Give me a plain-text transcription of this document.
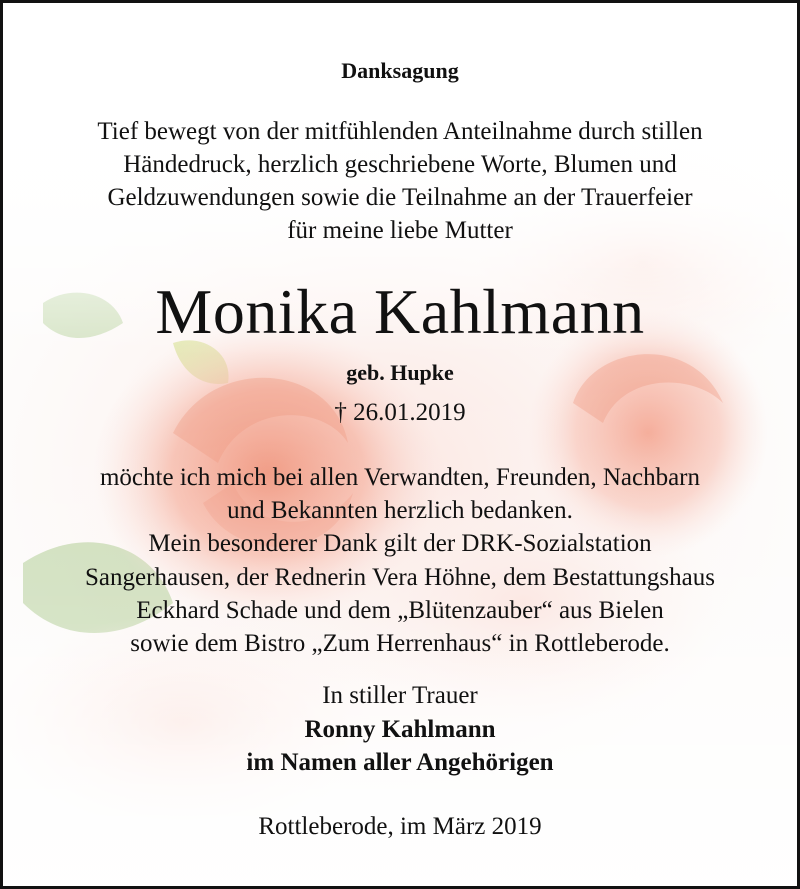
Danksagung
Tief bewegt von der mitfühlenden Anteilnahme durch stillen
Händedruck, herzlich geschriebene Worte, Blumen und
Geldzuwendungen sowie die Teilnahme an der Trauerfeier
für meine liebe Mutter
Monika Kahlmann
geb. Hupke
† 26.01.2019
möchte ich mich bei allen Verwandten, Freunden, Nachbarn
und Bekannten herzlich bedanken.
Mein besonderer Dank gilt der DRK-Sozialstation
Sangerhausen, der Rednerin Vera Höhne, dem Bestattungshaus
Eckhard Schade und dem „Blütenzauber“ aus Bielen
sowie dem Bistro „Zum Herrenhaus“ in Rottleberode.
In stiller Trauer
Ronny Kahlmann
im Namen aller Angehörigen
Rottleberode, im März 2019
